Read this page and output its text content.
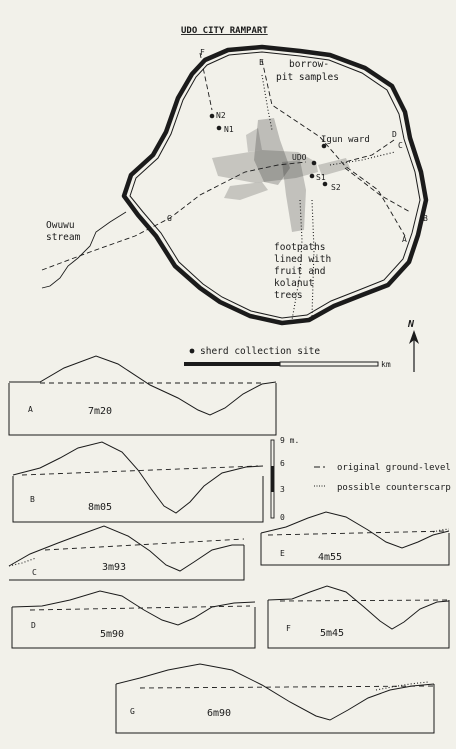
UDO CITY RAMPART
borrow-
pit samples
Igun ward
UDO
N2
N1
S1
S2
Owuwu
stream
footpaths
lined with
fruit and
kolanut
trees
F
E
D
C
B
A
G
N
sherd collection site
km
A	7m20
B
8m05
9 m.
6
3
0
original ground-level
possible counterscarp
C	3m93
E	4m55
D
5m90
F	5m45
G	6m90
